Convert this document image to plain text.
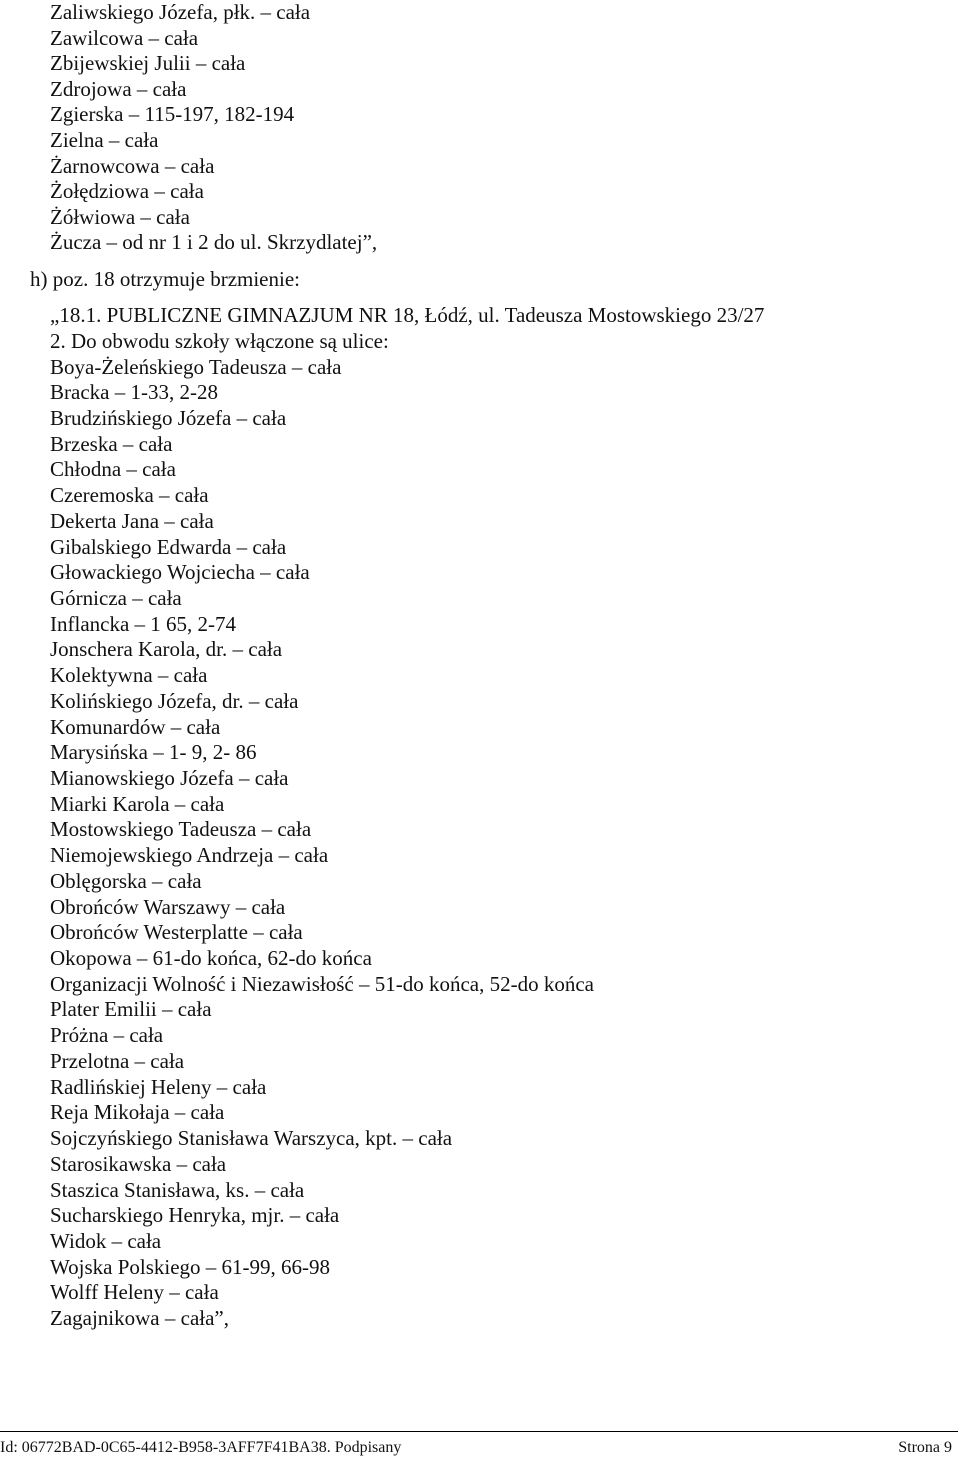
Zaliwskiego Józefa, płk. – cała
Zawilcowa – cała
Zbijewskiej Julii – cała
Zdrojowa – cała
Zgierska – 115-197, 182-194
Zielna – cała
Żarnowcowa – cała
Żołędziowa – cała
Żółwiowa – cała
Żucza – od nr 1 i 2 do ul. Skrzydlatej”,
h) poz. 18 otrzymuje brzmienie:
„18.1. PUBLICZNE GIMNAZJUM NR 18, Łódź, ul. Tadeusza Mostowskiego 23/27
2. Do obwodu szkoły włączone są ulice:
Boya-Żeleńskiego Tadeusza – cała
Bracka – 1-33, 2-28
Brudzińskiego Józefa – cała
Brzeska – cała
Chłodna – cała
Czeremoska – cała
Dekerta Jana – cała
Gibalskiego Edwarda – cała
Głowackiego Wojciecha – cała
Górnicza – cała
Inflancka – 1 65, 2-74
Jonschera Karola, dr. – cała
Kolektywna – cała
Kolińskiego Józefa, dr. – cała
Komunardów – cała
Marysińska – 1- 9, 2- 86
Mianowskiego Józefa – cała
Miarki Karola – cała
Mostowskiego Tadeusza – cała
Niemojewskiego Andrzeja – cała
Oblęgorska – cała
Obrońców Warszawy – cała
Obrońców Westerplatte – cała
Okopowa – 61-do końca, 62-do końca
Organizacji Wolność i Niezawisłość – 51-do końca, 52-do końca
Plater Emilii – cała
Próżna – cała
Przelotna – cała
Radlińskiej Heleny – cała
Reja Mikołaja – cała
Sojczyńskiego Stanisława Warszyca, kpt. – cała
Starosikawska – cała
Staszica Stanisława, ks. – cała
Sucharskiego Henryka, mjr. – cała
Widok – cała
Wojska Polskiego – 61-99, 66-98
Wolff Heleny – cała
Zagajnikowa – cała”,
Id: 06772BAD-0C65-4412-B958-3AFF7F41BA38. Podpisany	Strona 9
